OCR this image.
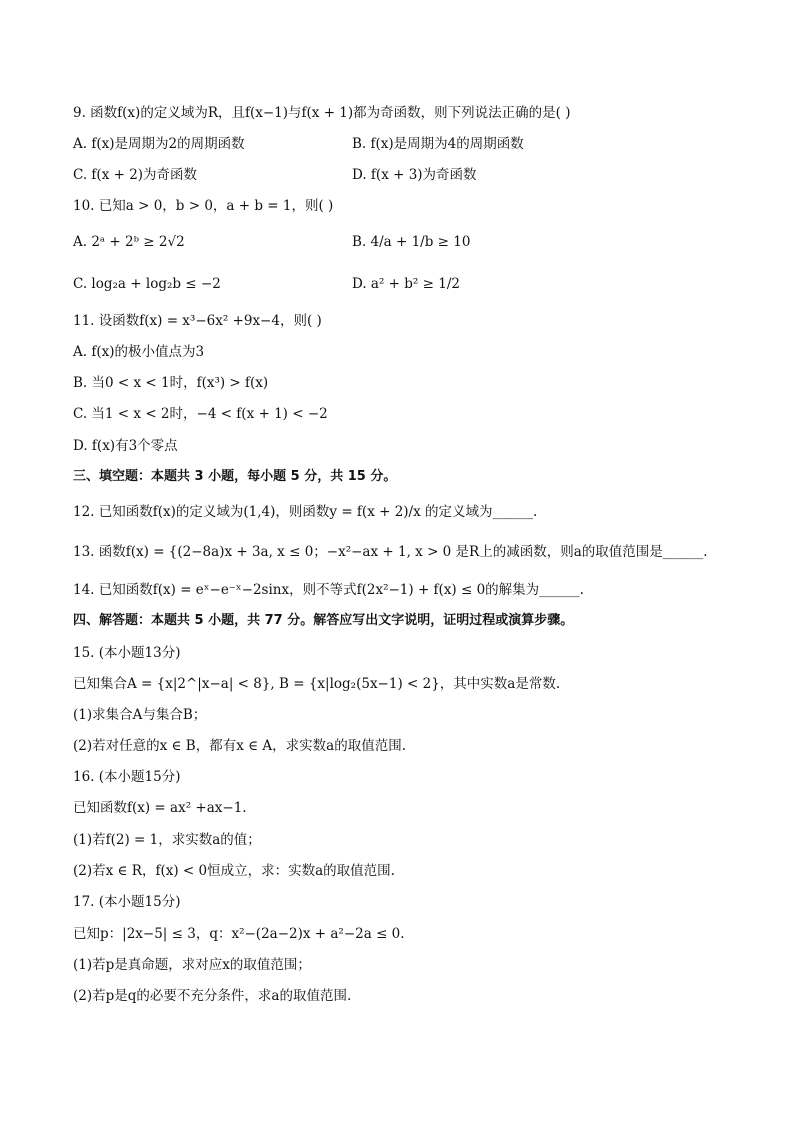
9. 函数f(x)的定义域为R，且f(x−1)与f(x + 1)都为奇函数，则下列说法正确的是( )
A. f(x)是周期为2的周期函数	B. f(x)是周期为4的周期函数
C. f(x + 2)为奇函数	D. f(x + 3)为奇函数
10. 已知a > 0，b > 0，a + b = 1，则( )
A. 2ᵃ + 2ᵇ ≥ 2√2	B. 4/a + 1/b ≥ 10
C. log₂a + log₂b ≤ −2	D. a² + b² ≥ 1/2
11. 设函数f(x) = x³−6x² +9x−4，则( )
A. f(x)的极小值点为3
B. 当0 < x < 1时，f(x³) > f(x)
C. 当1 < x < 2时，−4 < f(x + 1) < −2
D. f(x)有3个零点
三、填空题：本题共 3 小题，每小题 5 分，共 15 分。
12. 已知函数f(x)的定义域为(1,4)，则函数y = f(x + 2)/x 的定义域为______.
13. 函数f(x) = {(2−8a)x + 3a, x ≤ 0；−x²−ax + 1, x > 0 是R上的减函数，则a的取值范围是______.
14. 已知函数f(x) = eˣ−e⁻ˣ−2sinx，则不等式f(2x²−1) + f(x) ≤ 0的解集为______.
四、解答题：本题共 5 小题，共 77 分。解答应写出文字说明，证明过程或演算步骤。
15. (本小题13分)
已知集合A = {x|2^|x−a| < 8}, B = {x|log₂(5x−1) < 2}，其中实数a是常数.
(1)求集合A与集合B；
(2)若对任意的x ∈ B，都有x ∈ A，求实数a的取值范围.
16. (本小题15分)
已知函数f(x) = ax² +ax−1.
(1)若f(2) = 1，求实数a的值；
(2)若x ∈ R，f(x) < 0恒成立，求：实数a的取值范围.
17. (本小题15分)
已知p：|2x−5| ≤ 3，q：x²−(2a−2)x + a²−2a ≤ 0.
(1)若p是真命题，求对应x的取值范围；
(2)若p是q的必要不充分条件，求a的取值范围.
